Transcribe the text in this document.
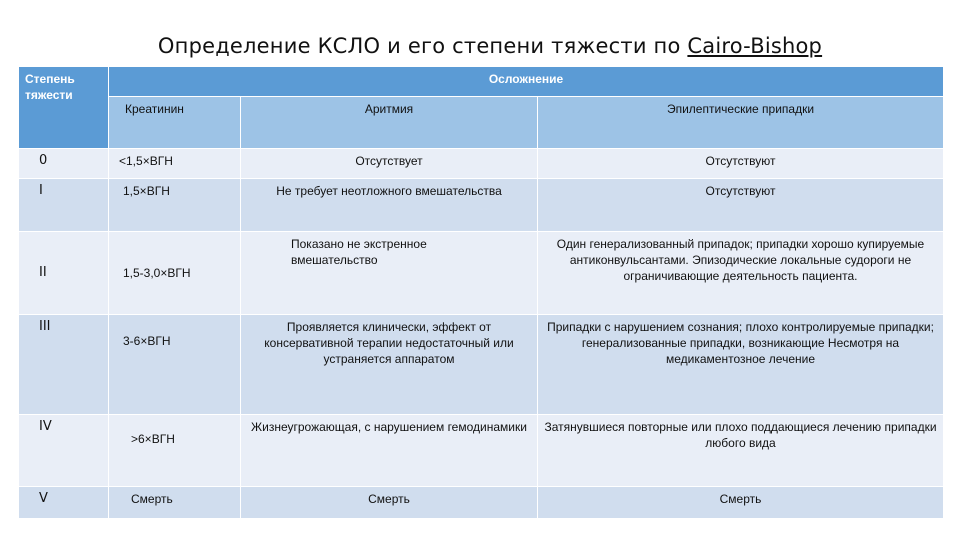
Определение КСЛО и его степени тяжести по Cairo-Bishop
Степень тяжести	Осложнение		

	Креатинин	Аритмия	Эпилептические припадки

0	<1,5×ВГН	Отсутствует	Отсутствуют

I	1,5×ВГН	Не требует неотложного вмешательства	Отсутствуют

II	1,5-3,0×ВГН	Показано не экстренное вмешательство	Один генерализованный припадок; припадки хорошо купируемые антиконвульсантами. Эпизодические локальные судороги не ограничивающие деятельность пациента.

III	3-6×ВГН	Проявляется клинически, эффект от консервативной терапии недостаточный или устраняется аппаратом	Припадки с нарушением сознания; плохо контролируемые припадки; генерализованные припадки, возникающие Несмотря на медикаментозное лечение

IV	>6×ВГН	Жизнеугрожающая, с нарушением гемодинамики	Затянувшиеся повторные или плохо поддающиеся лечению припадки любого вида

V	Смерть	Смерть	Смерть
